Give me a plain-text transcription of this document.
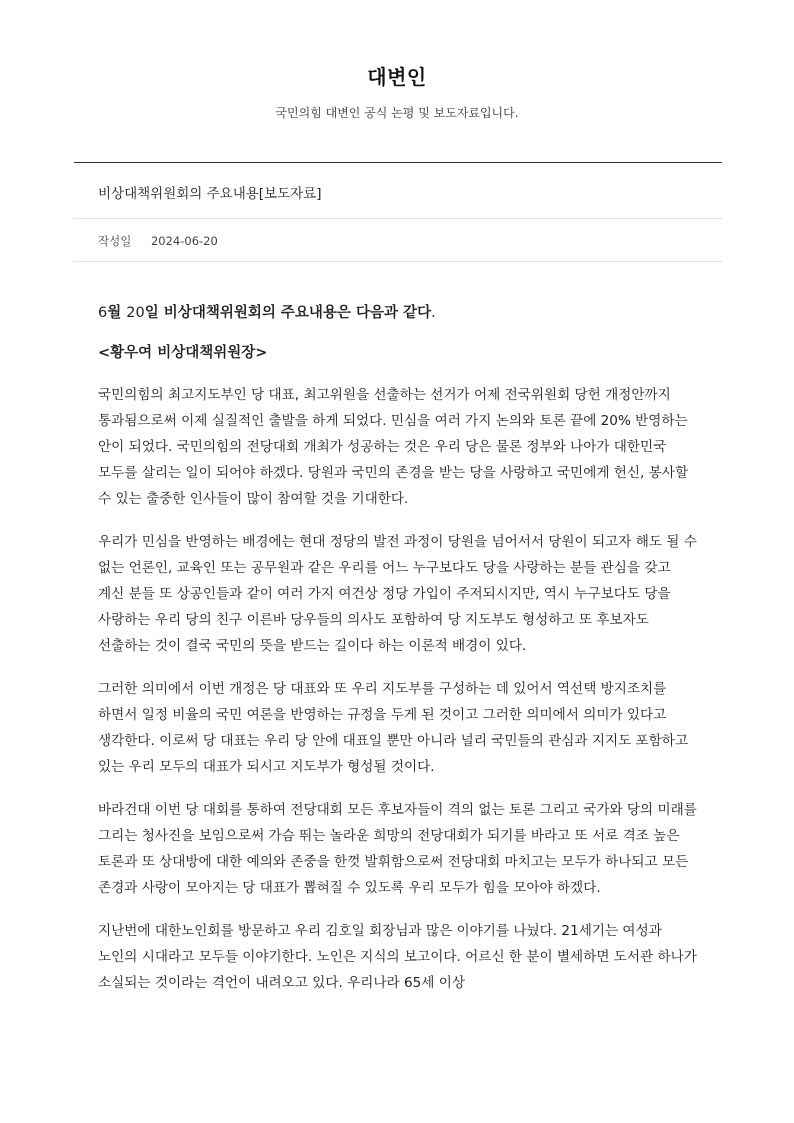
대변인
국민의힘 대변인 공식 논평 및 보도자료입니다.
비상대책위원회의 주요내용[보도자료]
작성일 2024-06-20

6월 20일 비상대책위원회의 주요내용은 다음과 같다.

<황우여 비상대책위원장>

국민의힘의 최고지도부인 당 대표, 최고위원을 선출하는 선거가 어제 전국위원회 당헌 개정안까지 통과됨으로써 이제 실질적인 출발을 하게 되었다. 민심을 여러 가지 논의와 토론 끝에 20% 반영하는 안이 되었다. 국민의힘의 전당대회 개최가 성공하는 것은 우리 당은 물론 정부와 나아가 대한민국 모두를 살리는 일이 되어야 하겠다. 당원과 국민의 존경을 받는 당을 사랑하고 국민에게 헌신, 봉사할 수 있는 출중한 인사들이 많이 참여할 것을 기대한다.

우리가 민심을 반영하는 배경에는 현대 정당의 발전 과정이 당원을 넘어서서 당원이 되고자 해도 될 수 없는 언론인, 교육인 또는 공무원과 같은 우리를 어느 누구보다도 당을 사랑하는 분들 관심을 갖고 계신 분들 또 상공인들과 같이 여러 가지 여건상 정당 가입이 주저되시지만, 역시 누구보다도 당을 사랑하는 우리 당의 친구 이른바 당우들의 의사도 포함하여 당 지도부도 형성하고 또 후보자도 선출하는 것이 결국 국민의 뜻을 받드는 길이다 하는 이론적 배경이 있다.

그러한 의미에서 이번 개정은 당 대표와 또 우리 지도부를 구성하는 데 있어서 역선택 방지조치를 하면서 일정 비율의 국민 여론을 반영하는 규정을 두게 된 것이고 그러한 의미에서 의미가 있다고 생각한다. 이로써 당 대표는 우리 당 안에 대표일 뿐만 아니라 널리 국민들의 관심과 지지도 포함하고 있는 우리 모두의 대표가 되시고 지도부가 형성될 것이다.

바라건대 이번 당 대회를 통하여 전당대회 모든 후보자들이 격의 없는 토론 그리고 국가와 당의 미래를 그리는 청사진을 보임으로써 가슴 뛰는 놀라운 희망의 전당대회가 되기를 바라고 또 서로 격조 높은 토론과 또 상대방에 대한 예의와 존중을 한껏 발휘함으로써 전당대회 마치고는 모두가 하나되고 모든 존경과 사랑이 모아지는 당 대표가 뽑혀질 수 있도록 우리 모두가 힘을 모아야 하겠다.

지난번에 대한노인회를 방문하고 우리 김호일 회장님과 많은 이야기를 나눴다. 21세기는 여성과 노인의 시대라고 모두들 이야기한다. 노인은 지식의 보고이다. 어르신 한 분이 별세하면 도서관 하나가 소실되는 것이라는 격언이 내려오고 있다. 우리나라 65세 이상
